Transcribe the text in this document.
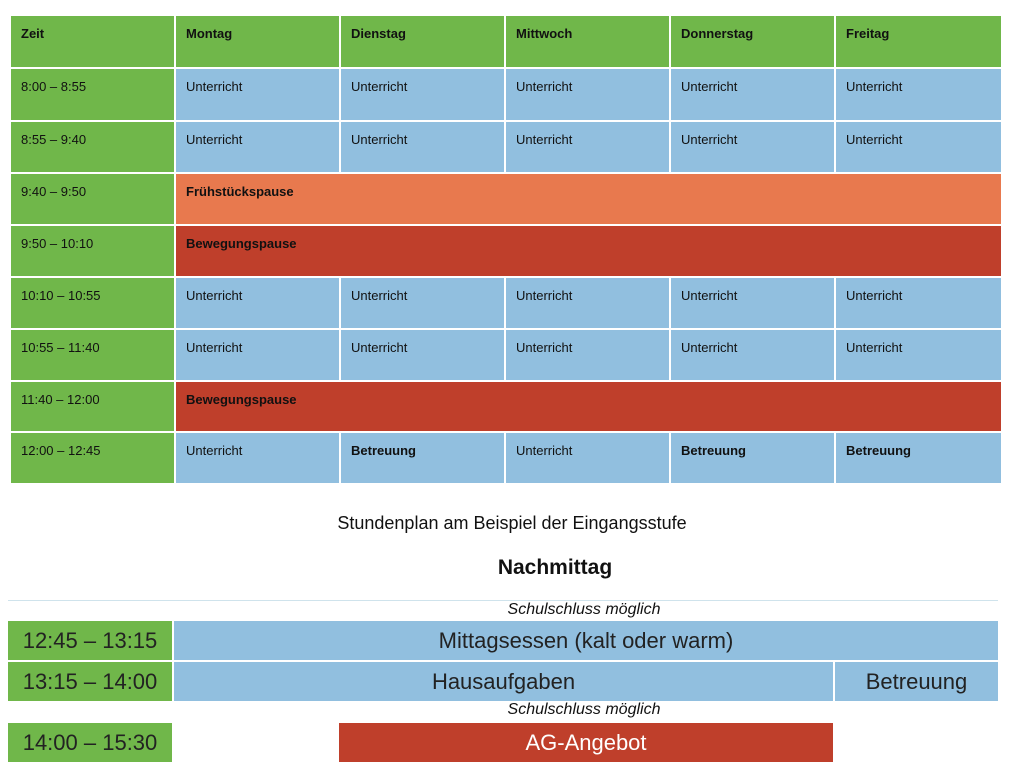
Zeit	Montag	Dienstag	Mittwoch	Donnerstag	Freitag
8:00 – 8:55	Unterricht	Unterricht	Unterricht	Unterricht	Unterricht
8:55 – 9:40	Unterricht	Unterricht	Unterricht	Unterricht	Unterricht
9:40 – 9:50	Frühstückspause
9:50 – 10:10	Bewegungspause
10:10 – 10:55	Unterricht	Unterricht	Unterricht	Unterricht	Unterricht
10:55 – 11:40	Unterricht	Unterricht	Unterricht	Unterricht	Unterricht
11:40 – 12:00	Bewegungspause
12:00 – 12:45	Unterricht	Betreuung	Unterricht	Betreuung	Betreuung
Stundenplan am Beispiel der Eingangsstufe
Nachmittag
Schulschluss möglich
12:45 – 13:15	Mittagsessen (kalt oder warm)
13:15 – 14:00	Hausaufgaben	Betreuung
Schulschluss möglich
14:00 – 15:30	AG-Angebot
